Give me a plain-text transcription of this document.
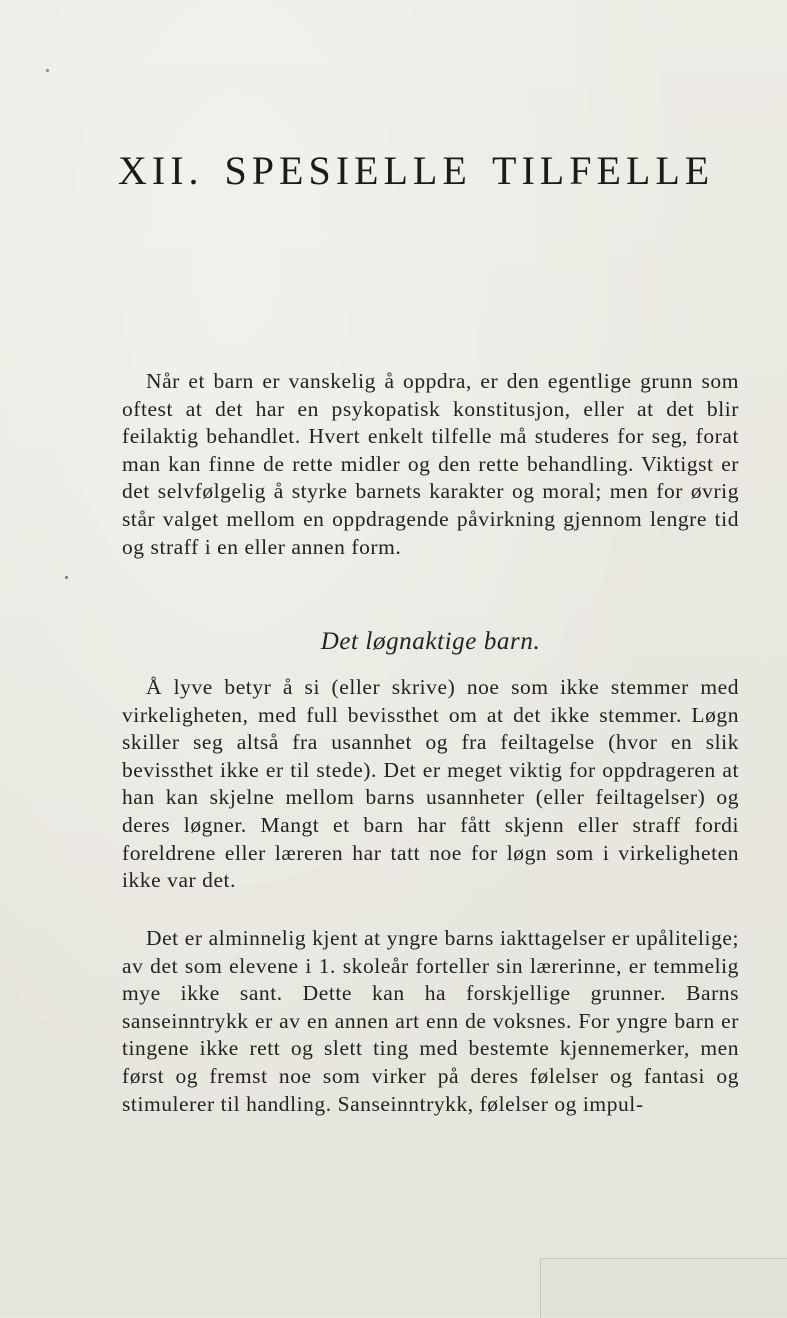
XII. SPESIELLE TILFELLE

Når et barn er vanskelig å oppdra, er den egentlige grunn som oftest at det har en psykopatisk konstitusjon, eller at det blir feilaktig behandlet. Hvert enkelt tilfelle må studeres for seg, forat man kan finne de rette midler og den rette behandling. Viktigst er det selvfølgelig å styrke barnets karakter og moral; men for øvrig står valget mellom en oppdragende påvirkning gjennom lengre tid og straff i en eller annen form.

Det løgnaktige barn.

Å lyve betyr å si (eller skrive) noe som ikke stemmer med virkeligheten, med full bevissthet om at det ikke stemmer. Løgn skiller seg altså fra usannhet og fra feiltagelse (hvor en slik bevissthet ikke er til stede). Det er meget viktig for oppdrageren at han kan skjelne mellom barns usannheter (eller feiltagelser) og deres løgner. Mangt et barn har fått skjenn eller straff fordi foreldrene eller læreren har tatt noe for løgn som i virkeligheten ikke var det.

Det er alminnelig kjent at yngre barns iakttagelser er upålitelige; av det som elevene i 1. skoleår forteller sin lærerinne, er temmelig mye ikke sant. Dette kan ha forskjellige grunner. Barns sanseinntrykk er av en annen art enn de voksnes. For yngre barn er tingene ikke rett og slett ting med bestemte kjennemerker, men først og fremst noe som virker på deres følelser og fantasi og stimulerer til handling. Sanseinntrykk, følelser og impul-
